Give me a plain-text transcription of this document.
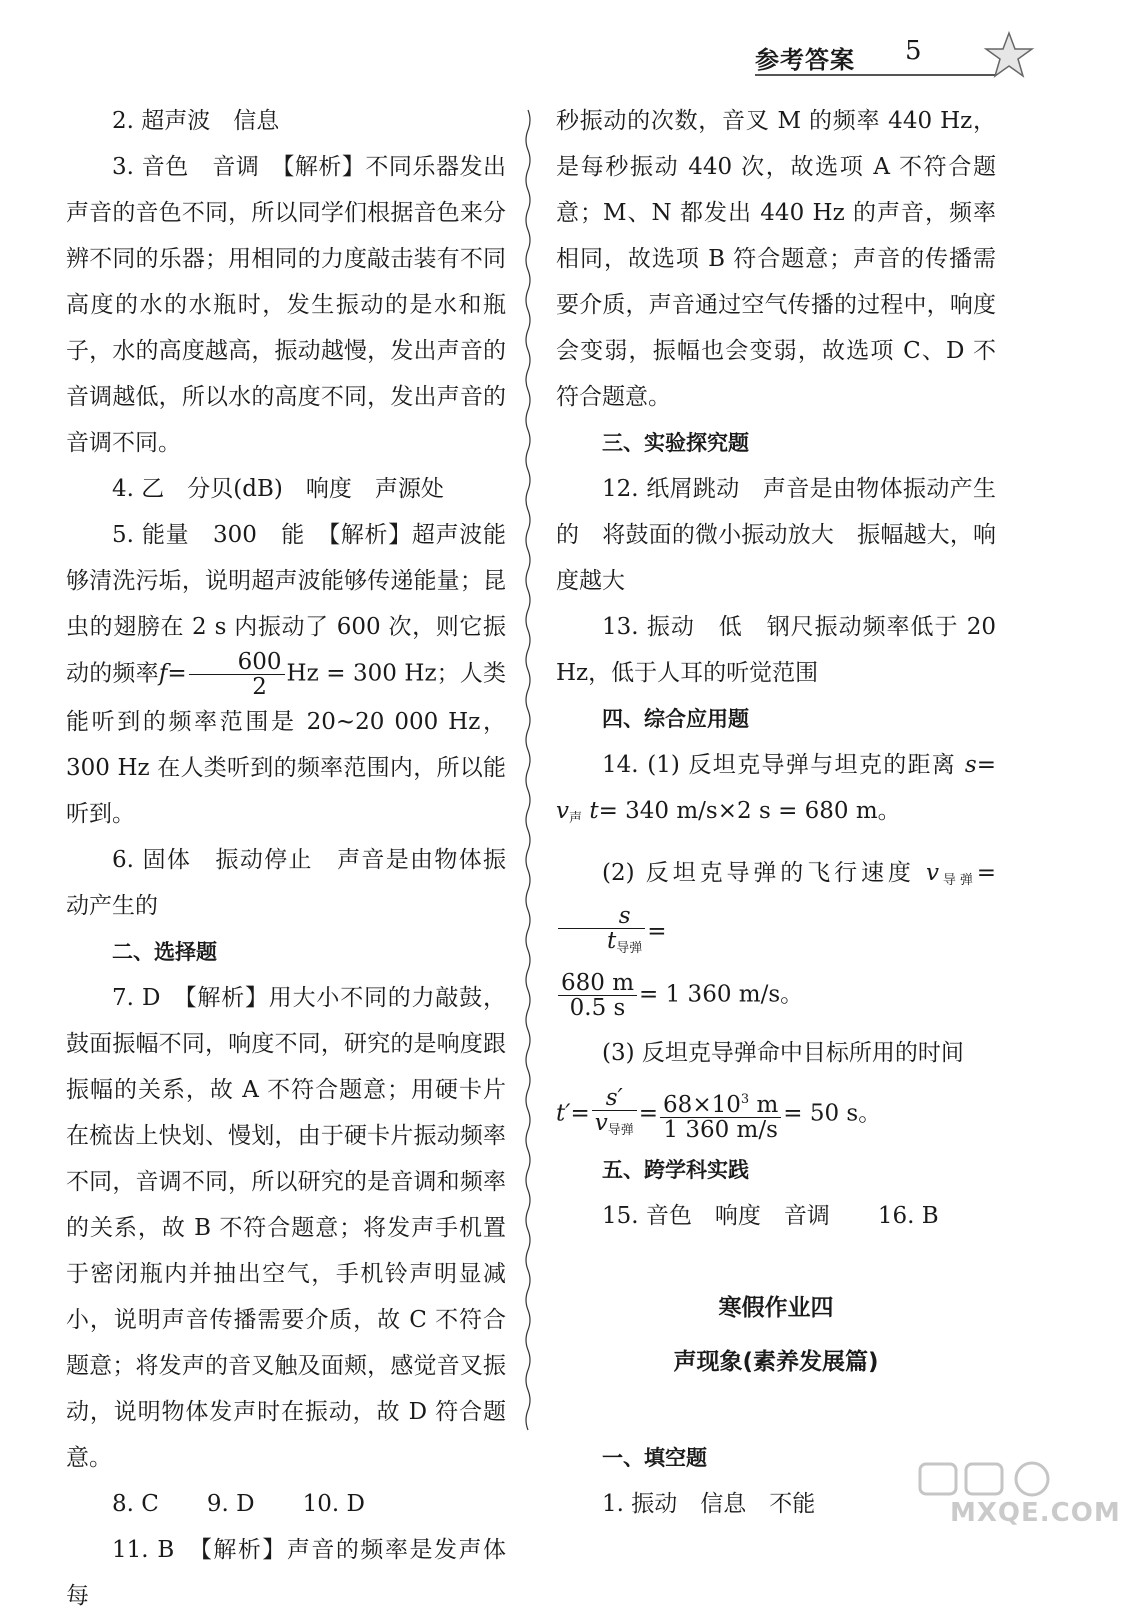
参考答案 5

2. 超声波　信息

3. 音色　音调　【解析】不同乐器发出声音的音色不同，所以同学们根据音色来分辨不同的乐器；用相同的力度敲击装有不同高度的水的水瓶时，发生振动的是水和瓶子，水的高度越高，振动越慢，发出声音的音调越低，所以水的高度不同，发出声音的音调不同。

4. 乙　分贝(dB)　响度　声源处

5. 能量　300　能　【解析】超声波能够清洗污垢，说明超声波能够传递能量；昆虫的翅膀在 2 s 内振动了 600 次，则它振动的频率$f= \frac{600}{2}$ Hz = 300 Hz；人类能听到的频率范围是 20~20 000 Hz，300 Hz 在人类听到的频率范围内，所以能听到。

6. 固体　振动停止　声音是由物体振动产生的

二、选择题

7. D　【解析】用大小不同的力敲鼓，鼓面振幅不同，响度不同，研究的是响度跟振幅的关系，故 A 不符合题意；用硬卡片在梳齿上快划、慢划，由于硬卡片振动频率不同，音调不同，所以研究的是音调和频率的关系，故 B 不符合题意；将发声手机置于密闭瓶内并抽出空气，手机铃声明显减小，说明声音传播需要介质，故 C 不符合题意；将发声的音叉触及面颊，感觉音叉振动，说明物体发声时在振动，故 D 符合题意。

8. C 9. D 10. D

11. B　【解析】声音的频率是发声体每

秒振动的次数，音叉 M 的频率 440 Hz，是每秒振动 440 次，故选项 A 不符合题意；M、N 都发出 440 Hz 的声音，频率相同，故选项 B 符合题意；声音的传播需要介质，声音通过空气传播的过程中，响度会变弱，振幅也会变弱，故选项 C、D 不符合题意。

三、实验探究题

12. 纸屑跳动　声音是由物体振动产生的　将鼓面的微小振动放大　振幅越大，响度越大

13. 振动　低　钢尺振动频率低于 20 Hz，低于人耳的听觉范围

四、综合应用题

14. (1) 反坦克导弹与坦克的距离 $s= v_声$ t= 340 m/s×2 s = 680 m。

(2) 反坦克导弹的飞行速度 $v_{导弹}=$
$\frac{s}{t_{导弹}}$ =

$\frac{680 m}{0.5 s} = 1$ 360 m/s。

(3) 反坦克导弹命中目标所用的时间

$t'= \frac{s'}{v_{导弹}} = \frac{68\times 10^3 m}{1 360 m/s} = 50$ s。

五、跨学科实践

15. 音色　响度　音调 16. B

寒假作业四

声现象(素养发展篇)

一、填空题

1. 振动　信息　不能	MXQE.COM
